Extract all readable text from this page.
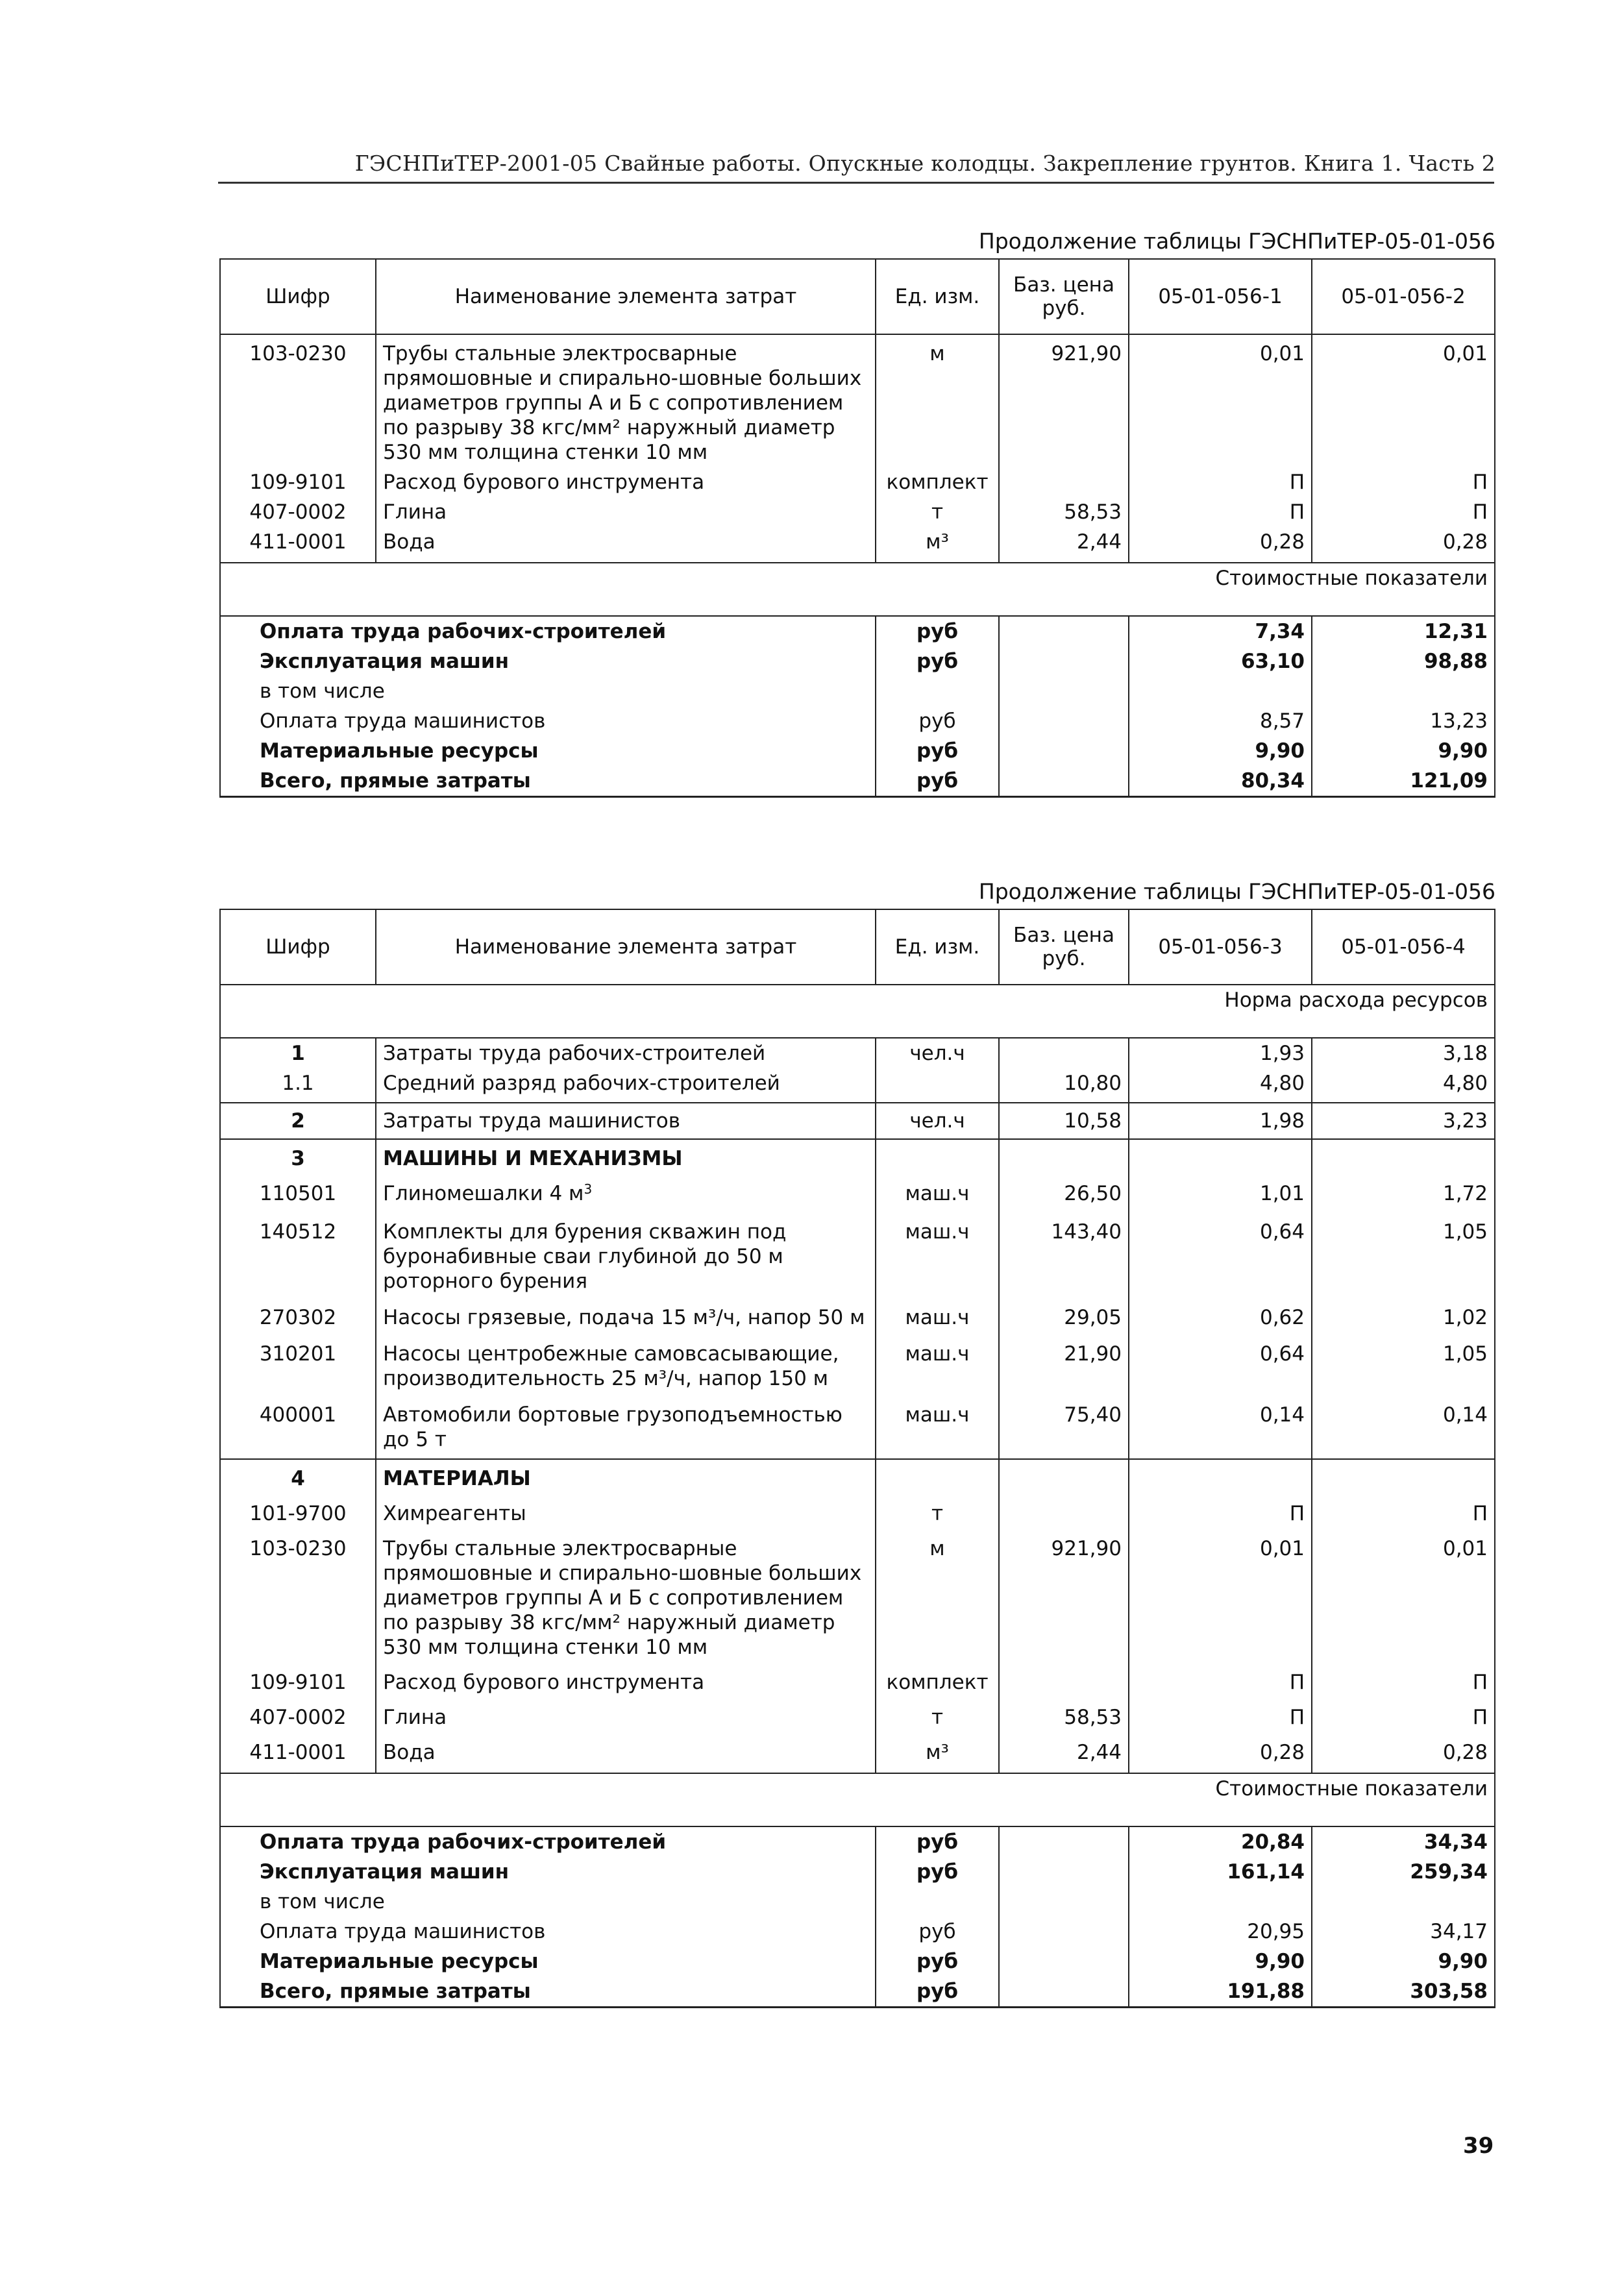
ГЭСНПиТЕР-2001-05 Свайные работы. Опускные колодцы. Закрепление грунтов. Книга 1. Часть 2
Продолжение таблицы ГЭСНПиТЕР-05-01-056
Шифр	Наименование элемента затрат	Ед. изм.	Баз. цена руб.	05-01-056-1	05-01-056-2
103-0230	Трубы стальные электросварные прямошовные и спирально-шовные больших диаметров группы А и Б с сопротивлением по разрыву 38 кгс/мм² наружный диаметр 530 мм толщина стенки 10 мм	м	921,90	0,01	0,01
109-9101	Расход бурового инструмента	комплект		П	П
407-0002	Глина	т	58,53	П	П
411-0001	Вода	м³	2,44	0,28	0,28
Стоимостные показатели					
Оплата труда рабочих-строителей		руб		7,34	12,31
Эксплуатация машин		руб		63,10	98,88
в том числе					
Оплата труда машинистов		руб		8,57	13,23
Материальные ресурсы		руб		9,90	9,90
Всего, прямые затраты		руб		80,34	121,09
Продолжение таблицы ГЭСНПиТЕР-05-01-056
Шифр	Наименование элемента затрат	Ед. изм.	Баз. цена руб.	05-01-056-3	05-01-056-4
Норма расхода ресурсов					
1	Затраты труда рабочих-строителей	чел.ч		1,93	3,18
1.1	Средний разряд рабочих-строителей		10,80	4,80	4,80
2	Затраты труда машинистов	чел.ч	10,58	1,98	3,23
3	МАШИНЫ И МЕХАНИЗМЫ				
110501	Глиномешалки 4 $м^3$	маш.ч	26,50	1,01	1,72
140512	Комплекты для бурения скважин под буронабивные сваи глубиной до 50 м роторного бурения	маш.ч	143,40	0,64	1,05
270302	Насосы грязевые, подача 15 м³/ч, напор 50 м	маш.ч	29,05	0,62	1,02
310201	Насосы центробежные самовсасывающие, производительность 25 м³/ч, напор 150 м	маш.ч	21,90	0,64	1,05
400001	Автомобили бортовые грузоподъемностью до 5 т	маш.ч	75,40	0,14	0,14
4	МАТЕРИАЛЫ				
101-9700	Химреагенты	т		П	П
103-0230	Трубы стальные электросварные прямошовные и спирально-шовные больших диаметров группы А и Б с сопротивлением по разрыву 38 кгс/мм² наружный диаметр 530 мм толщина стенки 10 мм	м	921,90	0,01	0,01
109-9101	Расход бурового инструмента	комплект		П	П
407-0002	Глина	т	58,53	П	П
411-0001	Вода	м³	2,44	0,28	0,28
Стоимостные показатели					
Оплата труда рабочих-строителей		руб		20,84	34,34
Эксплуатация машин		руб		161,14	259,34
в том числе					
Оплата труда машинистов		руб		20,95	34,17
Материальные ресурсы		руб		9,90	9,90
Всего, прямые затраты		руб		191,88	303,58
39
